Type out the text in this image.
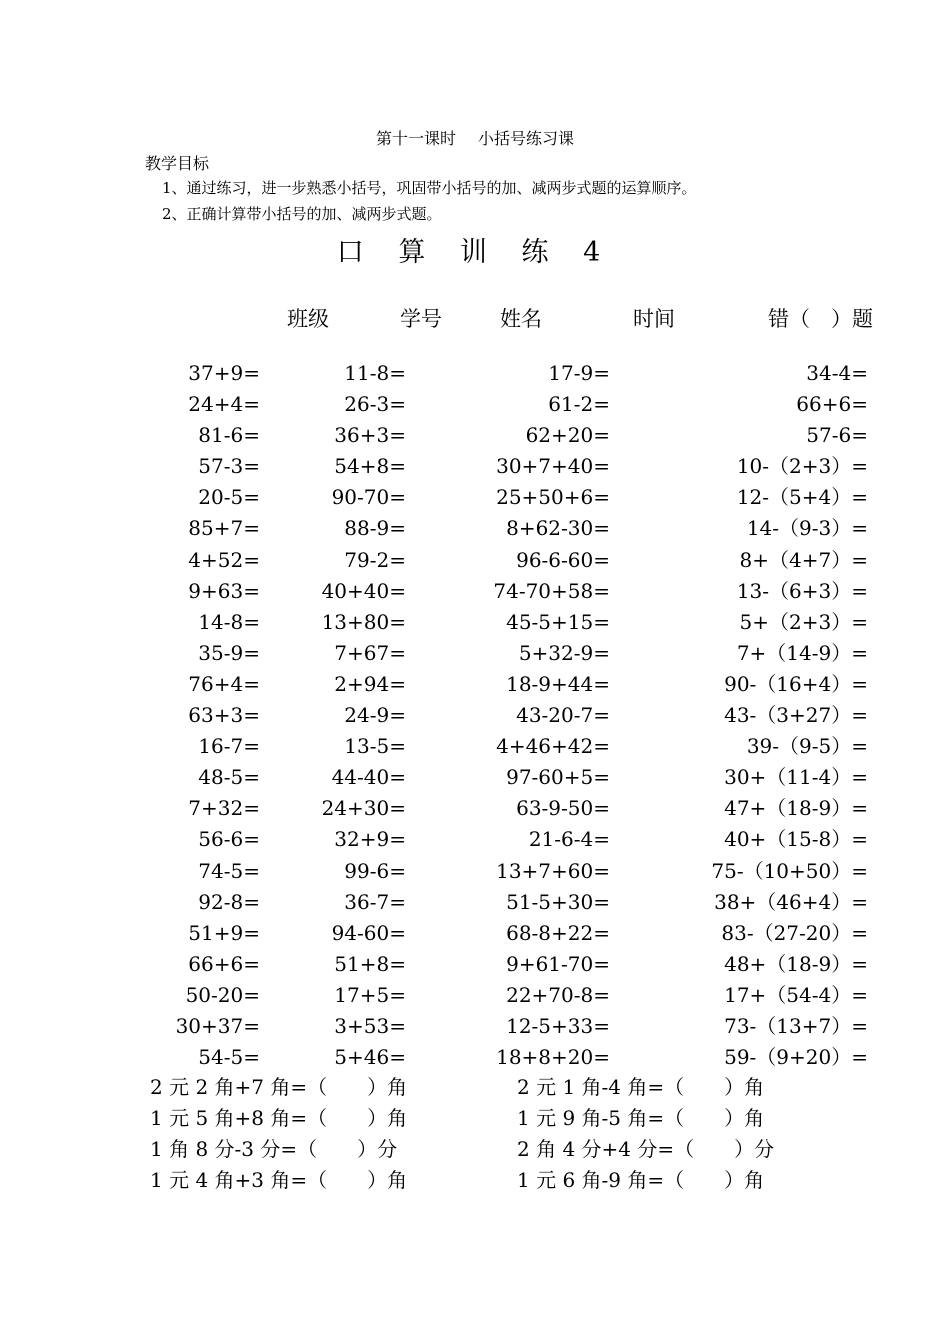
第十一课时 小括号练习课
教学目标
1、通过练习，进一步熟悉小括号，巩固带小括号的加、减两步式题的运算顺序。
2、正确计算带小括号的加、减两步式题。
口 算 训 练 4
班级	学号	姓名	时间	错（　）题
37+9=	11-8=	17-9=	34-4=
24+4=	26-3=	61-2=	66+6=
81-6=	36+3=	62+20=	57-6=
57-3=	54+8=	30+7+40=	10-（2+3）=
20-5=	90-70=	25+50+6=	12-（5+4）=
85+7=	88-9=	8+62-30=	14-（9-3）=
4+52=	79-2=	96-6-60=	8+（4+7）=
9+63=	40+40=	74-70+58=	13-（6+3）=
14-8=	13+80=	45-5+15=	5+（2+3）=
35-9=	7+67=	5+32-9=	7+（14-9）=
76+4=	2+94=	18-9+44=	90-（16+4）=
63+3=	24-9=	43-20-7=	43-（3+27）=
16-7=	13-5=	4+46+42=	39-（9-5）=
48-5=	44-40=	97-60+5=	30+（11-4）=
7+32=	24+30=	63-9-50=	47+（18-9）=
56-6=	32+9=	21-6-4=	40+（15-8）=
74-5=	99-6=	13+7+60=	75-（10+50）=
92-8=	36-7=	51-5+30=	38+（46+4）=
51+9=	94-60=	68-8+22=	83-（27-20）=
66+6=	51+8=	9+61-70=	48+（18-9）=
50-20=	17+5=	22+70-8=	17+（54-4）=
30+37=	3+53=	12-5+33=	73-（13+7）=
54-5=	5+46=	18+8+20=	59-（9+20）=
2 元 2 角+7 角=（　　）角	2 元 1 角-4 角=（　　）角
1 元 5 角+8 角=（　　）角	1 元 9 角-5 角=（　　）角
1 角 8 分-3 分=（　　）分	2 角 4 分+4 分=（　　）分
1 元 4 角+3 角=（　　）角	1 元 6 角-9 角=（　　）角
